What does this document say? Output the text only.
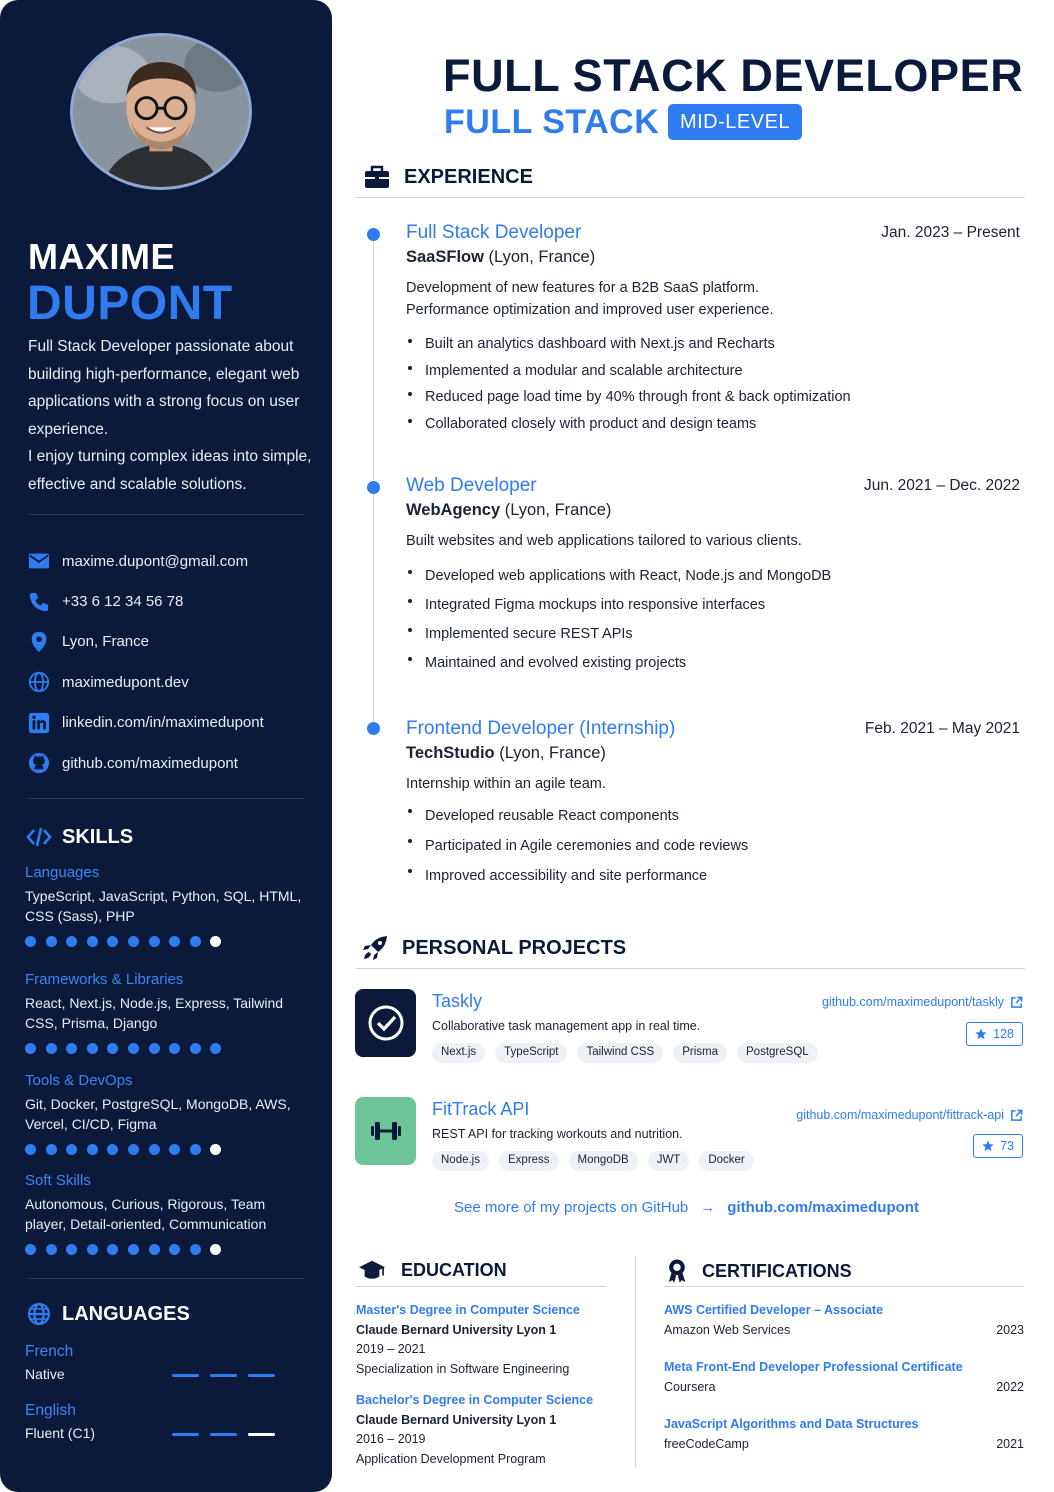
MAXIME
DUPONT

Full Stack Developer passionate about building high-performance, elegant web applications with a strong focus on user experience.

I enjoy turning complex ideas into simple, effective and scalable solutions.

maxime.dupont@gmail.com
+33 6 12 34 56 78
Lyon, France
maximedupont.dev
linkedin.com/in/maximedupont
github.com/maximedupont
SKILLS
Languages
TypeScript, JavaScript, Python, SQL, HTML, CSS (Sass), PHP
Frameworks & Libraries
React, Next.js, Node.js, Express, Tailwind CSS, Prisma, Django
Tools & DevOps
Git, Docker, PostgreSQL, MongoDB, AWS, Vercel, CI/CD, Figma
Soft Skills
Autonomous, Curious, Rigorous, Team player, Detail-oriented, Communication
LANGUAGES
French
Native
English
Fluent (C1)
FULL STACK DEVELOPER
FULL STACK	MID-LEVEL
EXPERIENCE
Full Stack Developer	Jan. 2023 – Present
SaaSFlow (Lyon, France)
Development of new features for a B2B SaaS platform.
Performance optimization and improved user experience.
Built an analytics dashboard with Next.js and Recharts
Implemented a modular and scalable architecture
Reduced page load time by 40% through front & back optimization
Collaborated closely with product and design teams
Web Developer	Jun. 2021 – Dec. 2022
WebAgency (Lyon, France)
Built websites and web applications tailored to various clients.
Developed web applications with React, Node.js and MongoDB
Integrated Figma mockups into responsive interfaces
Implemented secure REST APIs
Maintained and evolved existing projects
Frontend Developer (Internship)	Feb. 2021 – May 2021
TechStudio (Lyon, France)
Internship within an agile team.
Developed reusable React components
Participated in Agile ceremonies and code reviews
Improved accessibility and site performance
PERSONAL PROJECTS
Taskly
Collaborative task management app in real time.
Next.js	TypeScript	Tailwind CSS	Prisma	PostgreSQL
github.com/maximedupont/taskly
128
FitTrack API
REST API for tracking workouts and nutrition.
Node.js	Express	MongoDB	JWT	Docker
github.com/maximedupont/fittrack-api
73
See more of my projects on GitHub → github.com/maximedupont
EDUCATION
Master's Degree in Computer Science
Claude Bernard University Lyon 1
2019 – 2021
Specialization in Software Engineering
Bachelor's Degree in Computer Science
Claude Bernard University Lyon 1
2016 – 2019
Application Development Program
CERTIFICATIONS
AWS Certified Developer – Associate
Amazon Web Services	2023
Meta Front-End Developer Professional Certificate
Coursera	2022
JavaScript Algorithms and Data Structures
freeCodeCamp	2021
